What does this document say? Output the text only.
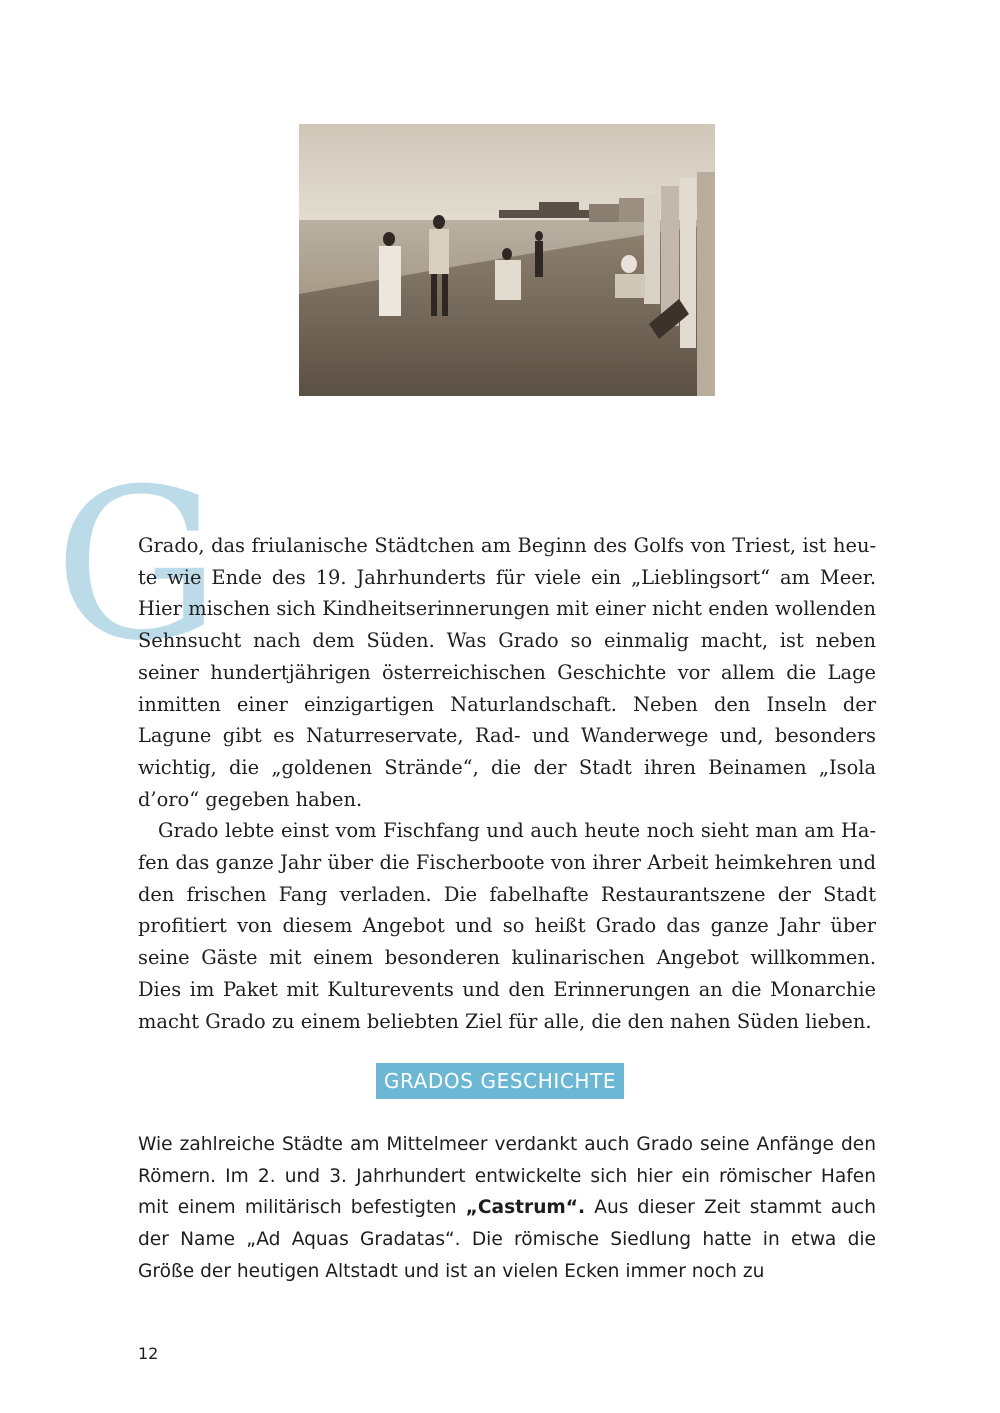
G

Grado, das friulanische Städtchen am Beginn des Golfs von Triest, ist heute wie Ende des 19. Jahrhunderts für viele ein „Lieblingsort“ am Meer. Hier mischen sich Kindheitserinnerungen mit einer nicht enden wollenden Sehnsucht nach dem Süden. Was Grado so einmalig macht, ist neben seiner hundertjährigen österreichischen Geschichte vor allem die Lage inmitten einer einzigartigen Naturlandschaft. Neben den Inseln der Lagune gibt es Naturreservate, Rad- und Wanderwege und, besonders wichtig, die „goldenen Strände“, die der Stadt ihren Beinamen „Isola d’oro“ gegeben haben.

Grado lebte einst vom Fischfang und auch heute noch sieht man am Hafen das ganze Jahr über die Fischerboote von ihrer Arbeit heimkehren und den frischen Fang verladen. Die fabelhafte Restaurantszene der Stadt profitiert von diesem Angebot und so heißt Grado das ganze Jahr über seine Gäste mit einem besonderen kulinarischen Angebot willkommen. Dies im Paket mit Kulturevents und den Erinnerungen an die Monarchie macht Grado zu einem beliebten Ziel für alle, die den nahen Süden lieben.

GRADOS GESCHICHTE

Wie zahlreiche Städte am Mittelmeer verdankt auch Grado seine Anfänge den Römern. Im 2. und 3. Jahrhundert entwickelte sich hier ein römischer Hafen mit einem militärisch befestigten „Castrum“. Aus dieser Zeit stammt auch der Name „Ad Aquas Gradatas“. Die römische Siedlung hatte in etwa die Größe der heutigen Altstadt und ist an vielen Ecken immer noch zu

12
